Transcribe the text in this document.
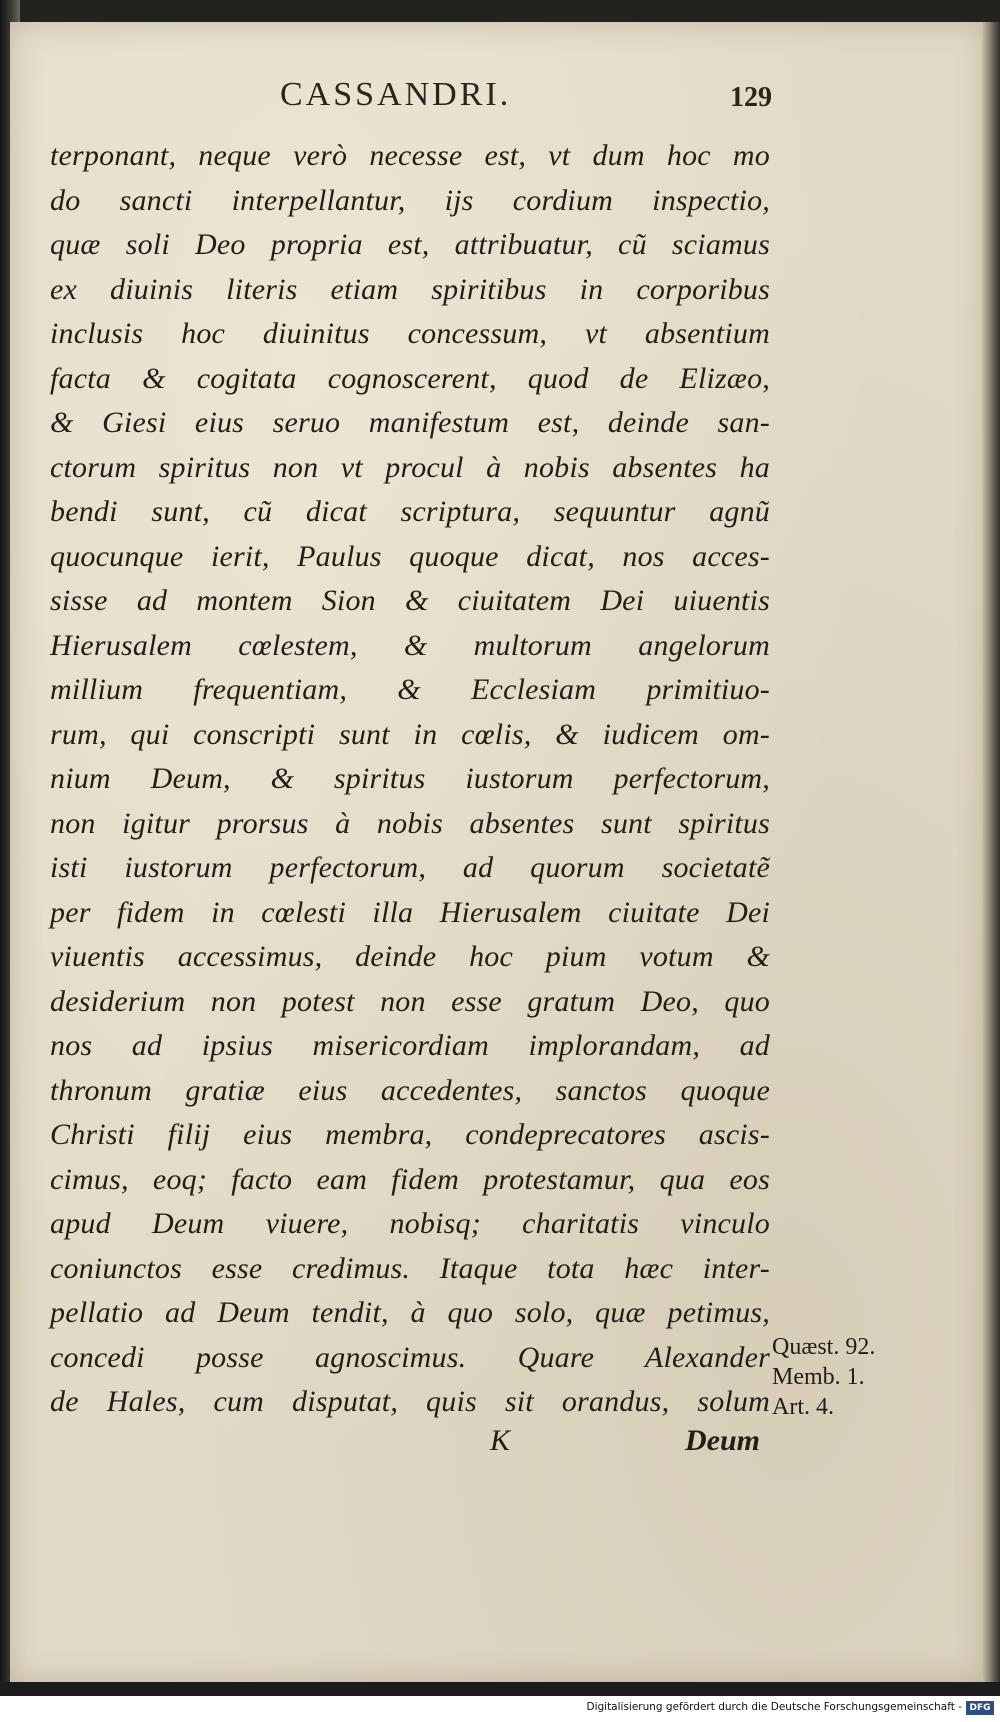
CASSANDRI.	129
terponant, neque verò necesse est, vt dum hoc mo
do sancti interpellantur, ijs cordium inspectio,
quæ soli Deo propria est, attribuatur, cũ sciamus
ex diuinis literis etiam spiritibus in corporibus
inclusis hoc diuinitus concessum, vt absentium
facta & cogitata cognoscerent, quod de Elizæo,
& Giesi eius seruo manifestum est, deinde san-
ctorum spiritus non vt procul à nobis absentes ha
bendi sunt, cũ dicat scriptura, sequuntur agnũ
quocunque ierit, Paulus quoque dicat, nos acces-
sisse ad montem Sion & ciuitatem Dei uiuentis
Hierusalem cœlestem, & multorum angelorum
millium frequentiam, & Ecclesiam primitiuo-
rum, qui conscripti sunt in cœlis, & iudicem om-
nium Deum, & spiritus iustorum perfectorum,
non igitur prorsus à nobis absentes sunt spiritus
isti iustorum perfectorum, ad quorum societatẽ
per fidem in cœlesti illa Hierusalem ciuitate Dei
viuentis accessimus, deinde hoc pium votum &
desiderium non potest non esse gratum Deo, quo
nos ad ipsius misericordiam implorandam, ad
thronum gratiæ eius accedentes, sanctos quoque
Christi filij eius membra, condeprecatores ascis-
cimus, eoq; facto eam fidem protestamur, qua eos
apud Deum viuere, nobisq; charitatis vinculo
coniunctos esse credimus. Itaque tota hæc inter-
pellatio ad Deum tendit, à quo solo, quæ petimus,
concedi posse agnoscimus. Quare Alexander
de Hales, cum disputat, quis sit orandus, solum
K	Deum
Quæst. 92.
Memb. 1.
Art. 4.
Digitalisierung gefördert durch die Deutsche Forschungsgemeinschaft - DFG
